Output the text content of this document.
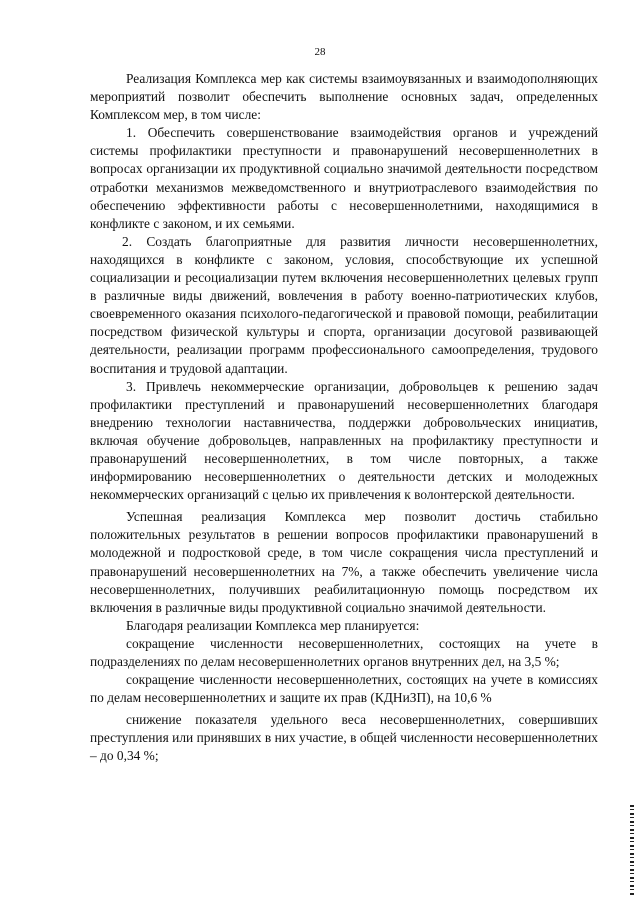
28

Реализация Комплекса мер как системы взаимоувязанных и взаимодополняющих мероприятий позволит обеспечить выполнение основных задач, определенных Комплексом мер, в том числе:

1. Обеспечить совершенствование взаимодействия органов и учреждений системы профилактики преступности и правонарушений несовершеннолетних в вопросах организации их продуктивной социально значимой деятельности посредством отработки механизмов межведомственного и внутриотраслевого взаимодействия по обеспечению эффективности работы с несовершеннолетними, находящимися в конфликте с законом, и их семьями.

2. Создать благоприятные для развития личности несовершеннолетних, находящихся в конфликте с законом, условия, способствующие их успешной социализации и ресоциализации путем включения несовершеннолетних целевых групп в различные виды движений, вовлечения в работу военно-патриотических клубов, своевременного оказания психолого-педагогической и правовой помощи, реабилитации посредством физической культуры и спорта, организации досуговой развивающей деятельности, реализации программ профессионального самоопределения, трудового воспитания и трудовой адаптации.

3. Привлечь некоммерческие организации, добровольцев к решению задач профилактики преступлений и правонарушений несовершеннолетних благодаря внедрению технологии наставничества, поддержки добровольческих инициатив, включая обучение добровольцев, направленных на профилактику преступности и правонарушений несовершеннолетних, в том числе повторных, а также информированию несовершеннолетних о деятельности детских и молодежных некоммерческих организаций с целью их привлечения к волонтерской деятельности.

Успешная реализация Комплекса мер позволит достичь стабильно положительных результатов в решении вопросов профилактики правонарушений в молодежной и подростковой среде, в том числе сокращения числа преступлений и правонарушений несовершеннолетних на 7%, а также обеспечить увеличение числа несовершеннолетних, получивших реабилитационную помощь посредством их включения в различные виды продуктивной социально значимой деятельности.

Благодаря реализации Комплекса мер планируется:

сокращение численности несовершеннолетних, состоящих на учете в подразделениях по делам несовершеннолетних органов внутренних дел, на 3,5 %;

сокращение численности несовершеннолетних, состоящих на учете в комиссиях по делам несовершеннолетних и защите их прав (КДНиЗП), на 10,6 %

снижение показателя удельного веса несовершеннолетних, совершивших преступления или принявших в них участие, в общей численности несовершеннолетних – до 0,34 %;
